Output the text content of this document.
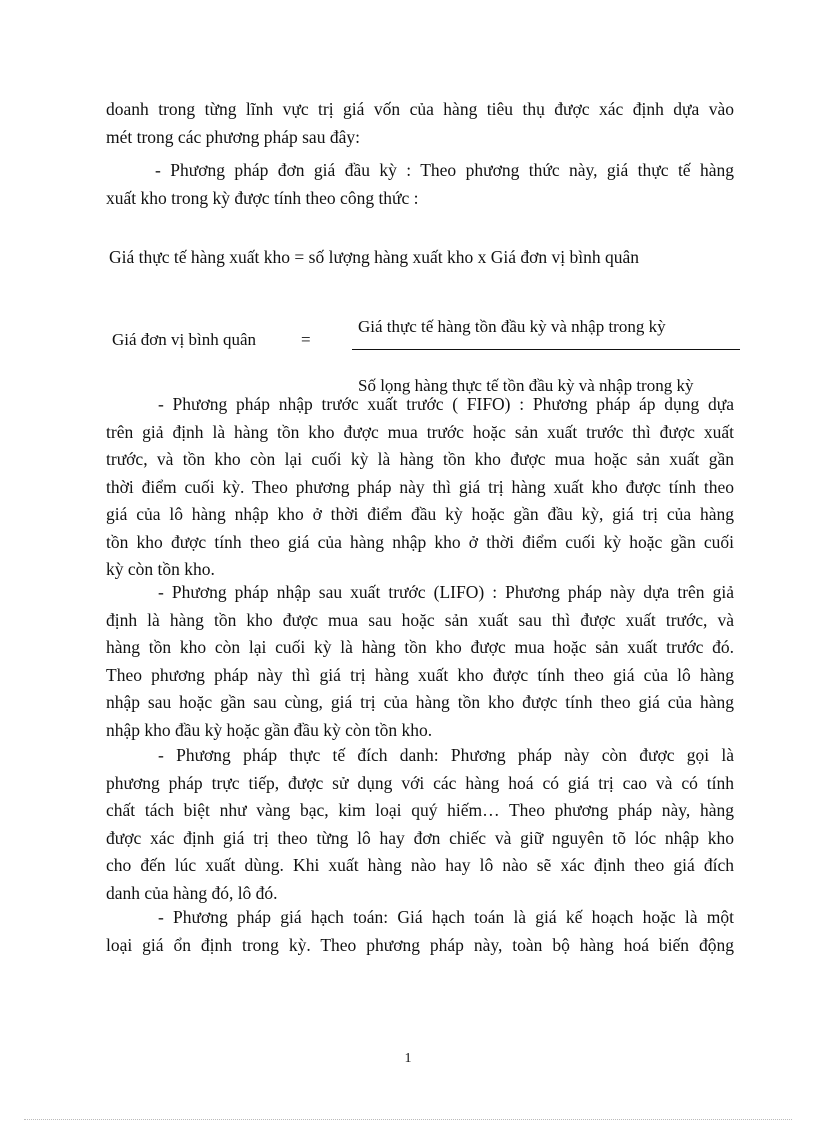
doanh trong từng lĩnh vực trị giá vốn của hàng tiêu thụ được xác định dựa vào
mét trong các phương pháp sau đây:
- Phương pháp đơn giá đầu kỳ : Theo phương thức này, giá thực tế hàng
xuất kho trong kỳ được tính theo công thức :
Giá thực tế hàng xuất kho = số lượng hàng xuất kho x Giá đơn vị bình quân
Giá đơn vị bình quân	=
Giá thực tế hàng tồn đầu kỳ và nhập trong kỳ
Số lọng hàng thực tế tồn đầu kỳ và nhập trong kỳ
- Phương pháp nhập trước xuất trước ( FIFO) : Phương pháp áp dụng dựa
trên giả định là hàng tồn kho được mua trước hoặc sản xuất trước thì được xuất
trước, và tồn kho còn lại cuối kỳ là hàng tồn kho được mua hoặc sản xuất gần
thời điểm cuối kỳ. Theo phương pháp này thì giá trị hàng xuất kho được tính theo
giá của lô hàng nhập kho ở thời điểm đầu kỳ hoặc gần đầu kỳ, giá trị của hàng
tồn kho được tính theo giá của hàng nhập kho ở thời điểm cuối kỳ hoặc gần cuối
kỳ còn tồn kho.
- Phương pháp nhập sau xuất trước (LIFO) : Phương pháp này dựa trên giả
định là hàng tồn kho được mua sau hoặc sản xuất sau thì được xuất trước, và
hàng tồn kho còn lại cuối kỳ là hàng tồn kho được mua hoặc sản xuất trước đó.
Theo phương pháp này thì giá trị hàng xuất kho được tính theo giá của lô hàng
nhập sau hoặc gần sau cùng, giá trị của hàng tồn kho được tính theo giá của hàng
nhập kho đầu kỳ hoặc gần đầu kỳ còn tồn kho.
- Phương pháp thực tế đích danh: Phương pháp này còn được gọi là
phương pháp trực tiếp, được sử dụng với các hàng hoá có giá trị cao và có tính
chất tách biệt như vàng bạc, kim loại quý hiếm… Theo phương pháp này, hàng
được xác định giá trị theo từng lô hay đơn chiếc và giữ nguyên tõ lóc nhập kho
cho đến lúc xuất dùng. Khi xuất hàng nào hay lô nào sẽ xác định theo giá đích
danh của hàng đó, lô đó.
- Phương pháp giá hạch toán: Giá hạch toán là giá kế hoạch hoặc là một
loại giá ổn định trong kỳ. Theo phương pháp này, toàn bộ hàng hoá biến động
1
